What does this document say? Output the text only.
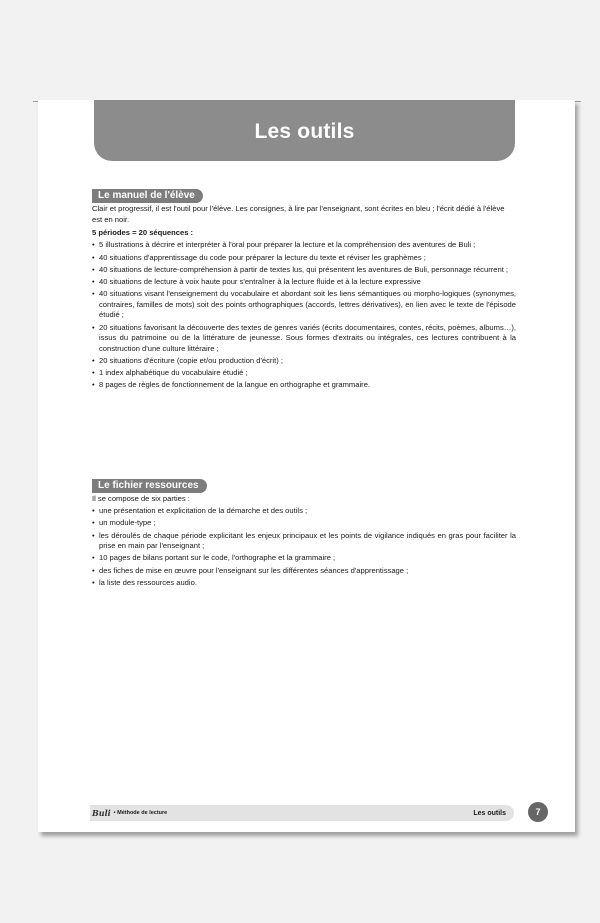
Les outils
Le manuel de l'élève

Clair et progressif, il est l'outil pour l'élève. Les consignes, à lire par l'enseignant, sont écrites en bleu ; l'écrit dédié à l'élève est en noir.

5 périodes = 20 séquences :

• 5 illustrations à décrire et interpréter à l'oral pour préparer la lecture et la compréhension des aventures de Buli ;
• 40 situations d'apprentissage du code pour préparer la lecture du texte et réviser les graphèmes ;
• 40 situations de lecture-compréhension à partir de textes lus, qui présentent les aventures de Buli, personnage récurrent ;
• 40 situations de lecture à voix haute pour s'entraîner à la lecture fluide et à la lecture expressive
• 40 situations visant l'enseignement du vocabulaire et abordant soit les liens sémantiques ou morpho-logiques (synonymes, contraires, familles de mots) soit des points orthographiques (accords, lettres dérivatives), en lien avec le texte de l'épisode étudié ;
• 20 situations favorisant la découverte des textes de genres variés (écrits documentaires, contes, récits, poèmes, albums…), issus du patrimoine ou de la littérature de jeunesse. Sous formes d'extraits ou intégrales, ces lectures contribuent à la construction d'une culture littéraire ;
• 20 situations d'écriture (copie et/ou production d'écrit) ;
• 1 index alphabétique du vocabulaire étudié ;
• 8 pages de règles de fonctionnement de la langue en orthographe et grammaire.
Le fichier ressources

Il se compose de six parties :

• une présentation et explicitation de la démarche et des outils ;
• un module-type ;
• les déroulés de chaque période explicitant les enjeux principaux et les points de vigilance indiqués en gras pour faciliter la prise en main par l'enseignant ;
• 10 pages de bilans portant sur le code, l'orthographe et la grammaire ;
• des fiches de mise en œuvre pour l'enseignant sur les différentes séances d'apprentissage ;
• la liste des ressources audio.
Buli • Méthode de lecture	Les outils	7
